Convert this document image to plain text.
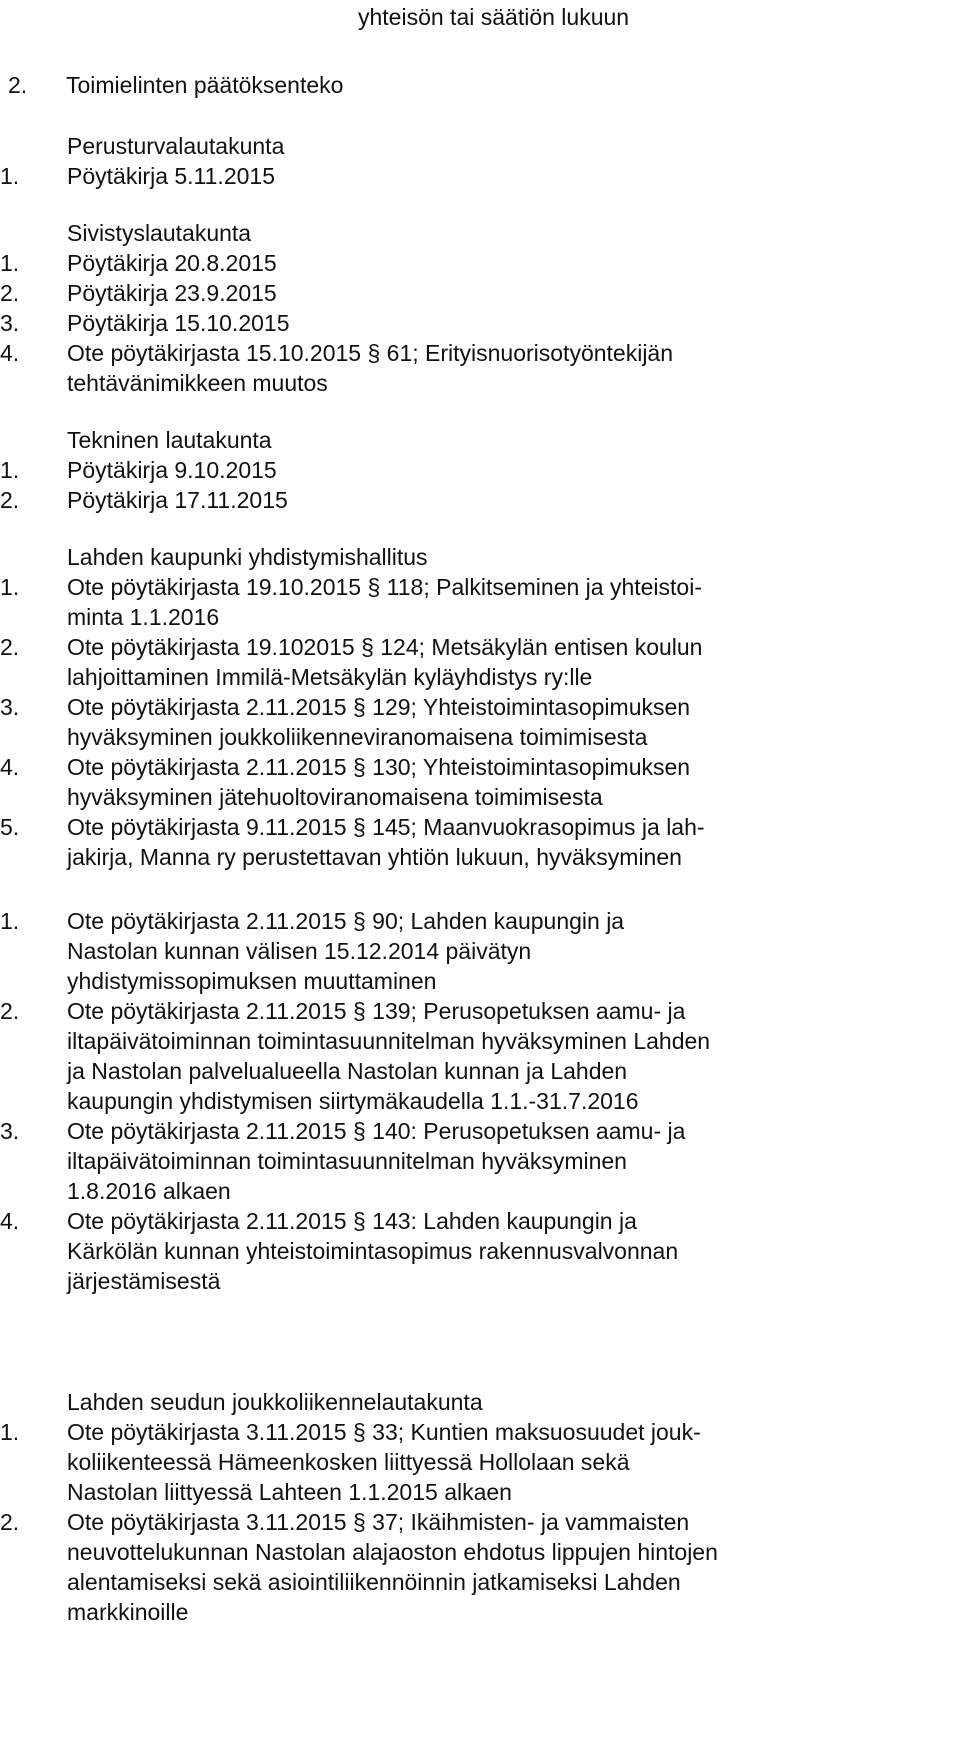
yhteisön tai säätiön lukuun
2. Toimielinten päätöksenteko
Perusturvalautakunta
1.	Pöytäkirja 5.11.2015
Sivistyslautakunta
1.	Pöytäkirja 20.8.2015
2.	Pöytäkirja 23.9.2015
3.	Pöytäkirja 15.10.2015
4.	Ote pöytäkirjasta 15.10.2015 § 61; Erityisnuorisotyöntekijän
tehtävänimikkeen muutos
Tekninen lautakunta
1.	Pöytäkirja 9.10.2015
2.	Pöytäkirja 17.11.2015
Lahden kaupunki yhdistymishallitus
1.	Ote pöytäkirjasta 19.10.2015 § 118; Palkitseminen ja yhteistoi-
minta 1.1.2016
2.	Ote pöytäkirjasta 19.102015 § 124; Metsäkylän entisen koulun
lahjoittaminen Immilä-Metsäkylän kyläyhdistys ry:lle
3.	Ote pöytäkirjasta 2.11.2015 § 129; Yhteistoimintasopimuksen
hyväksyminen joukkoliikenneviranomaisena toimimisesta
4.	Ote pöytäkirjasta 2.11.2015 § 130; Yhteistoimintasopimuksen
hyväksyminen jätehuoltoviranomaisena toimimisesta
5.	Ote pöytäkirjasta 9.11.2015 § 145; Maanvuokrasopimus ja lah-
jakirja, Manna ry perustettavan yhtiön lukuun, hyväksyminen
1.	Ote pöytäkirjasta 2.11.2015 § 90; Lahden kaupungin ja
Nastolan kunnan välisen 15.12.2014 päivätyn
yhdistymissopimuksen muuttaminen
2.	Ote pöytäkirjasta 2.11.2015 § 139; Perusopetuksen aamu- ja
iltapäivätoiminnan toimintasuunnitelman hyväksyminen Lahden
ja Nastolan palvelualueella Nastolan kunnan ja Lahden
kaupungin yhdistymisen siirtymäkaudella 1.1.-31.7.2016
3.	Ote pöytäkirjasta 2.11.2015 § 140: Perusopetuksen aamu- ja
iltapäivätoiminnan toimintasuunnitelman hyväksyminen
1.8.2016 alkaen
4.	Ote pöytäkirjasta 2.11.2015 § 143: Lahden kaupungin ja
Kärkölän kunnan yhteistoimintasopimus rakennusvalvonnan
järjestämisestä
Lahden seudun joukkoliikennelautakunta
1.	Ote pöytäkirjasta 3.11.2015 § 33; Kuntien maksuosuudet jouk-
koliikenteessä Hämeenkosken liittyessä Hollolaan sekä
Nastolan liittyessä Lahteen 1.1.2015 alkaen
2.	Ote pöytäkirjasta 3.11.2015 § 37; Ikäihmisten- ja vammaisten
neuvottelukunnan Nastolan alajaoston ehdotus lippujen hintojen
alentamiseksi sekä asiointiliikennöinnin jatkamiseksi Lahden
markkinoille
